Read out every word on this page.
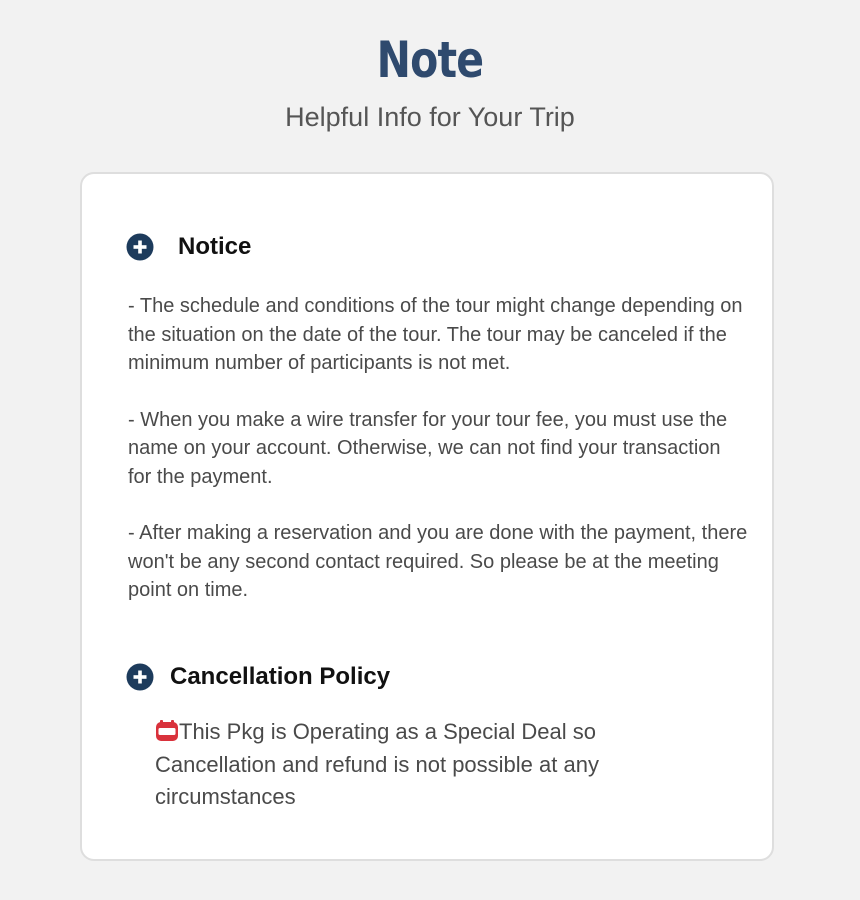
Note
Helpful Info for Your Trip
Notice

- The schedule and conditions of the tour might change depending on the situation on the date of the tour. The tour may be canceled if the minimum number of participants is not met.

- When you make a wire transfer for your tour fee, you must use the name on your account. Otherwise, we can not find your transaction for the payment.

- After making a reservation and you are done with the payment, there won't be any second contact required. So please be at the meeting point on time.

Cancellation Policy
This Pkg is Operating as a Special Deal so Cancellation and refund is not possible at any circumstances
